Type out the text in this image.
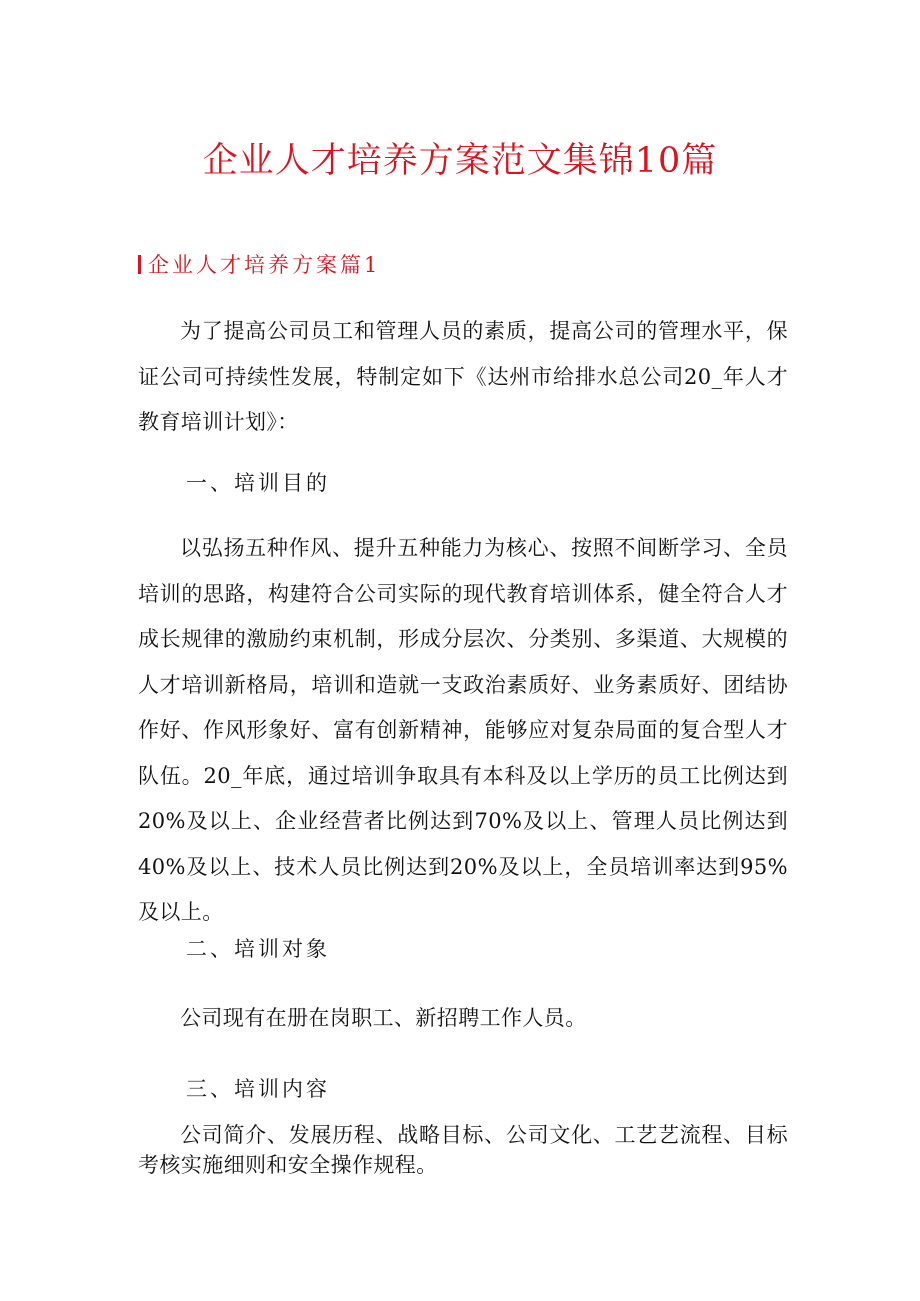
企业人才培养方案范文集锦10篇
企业人才培养方案篇1

为了提高公司员工和管理人员的素质，提高公司的管理水平，保证公司可持续性发展，特制定如下《达州市给排水总公司20_年人才教育培训计划》：

一、培训目的

以弘扬五种作风、提升五种能力为核心、按照不间断学习、全员培训的思路，构建符合公司实际的现代教育培训体系，健全符合人才成长规律的激励约束机制，形成分层次、分类别、多渠道、大规模的人才培训新格局，培训和造就一支政治素质好、业务素质好、团结协作好、作风形象好、富有创新精神，能够应对复杂局面的复合型人才队伍。20_年底，通过培训争取具有本科及以上学历的员工比例达到20%及以上、企业经营者比例达到70%及以上、管理人员比例达到40%及以上、技术人员比例达到20%及以上，全员培训率达到95%及以上。

二、培训对象

公司现有在册在岗职工、新招聘工作人员。

三、培训内容

公司简介、发展历程、战略目标、公司文化、工艺艺流程、目标考核实施细则和安全操作规程。
